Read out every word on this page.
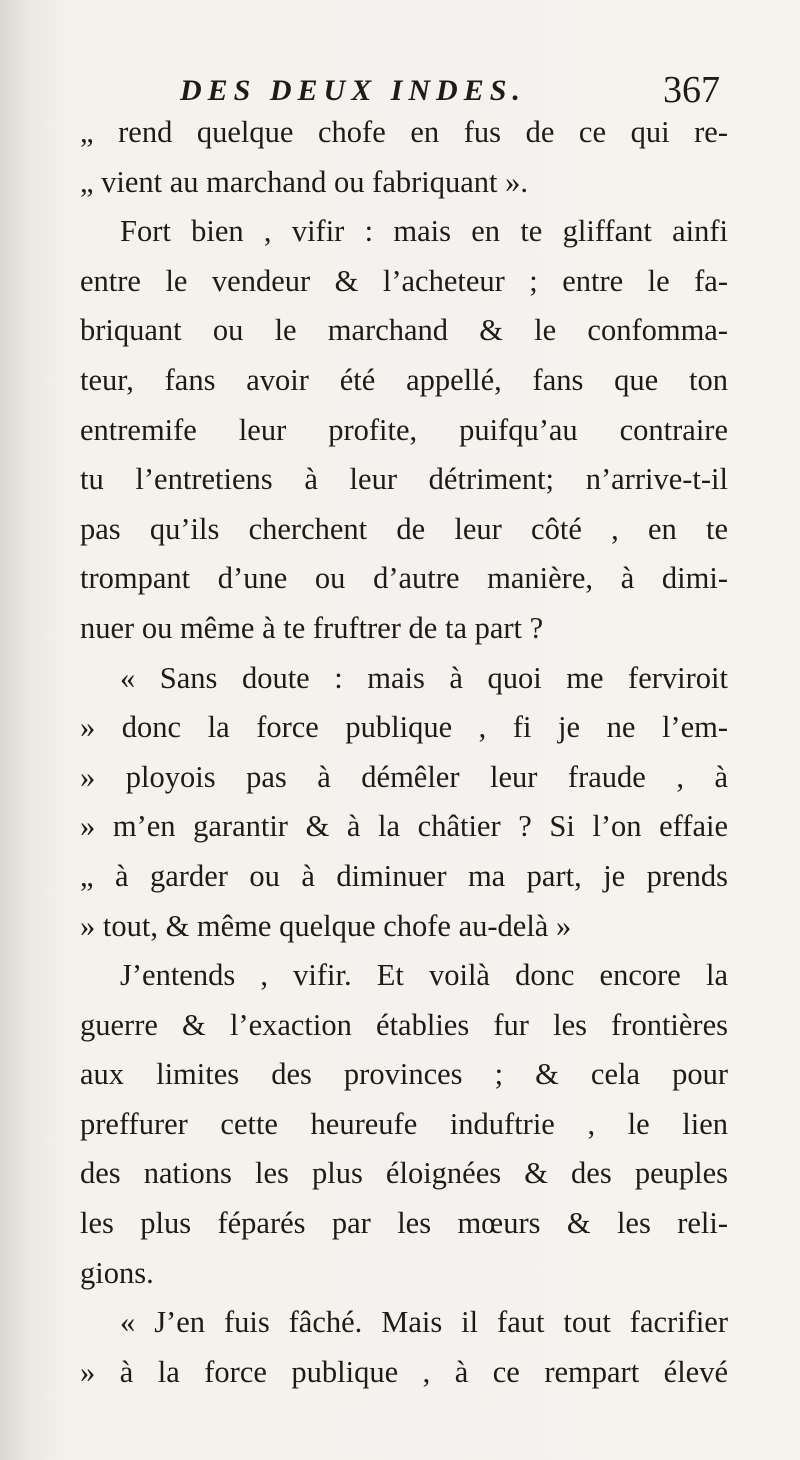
DES DEUX INDES.	367
„ rend quelque chofe en fus de ce qui re-
„ vient au marchand ou fabriquant ».
Fort bien , vifir : mais en te gliffant ainfi
entre le vendeur & l’acheteur ; entre le fa-
briquant ou le marchand & le confomma-
teur, fans avoir été appellé, fans que ton
entremife leur profite, puifqu’au contraire
tu l’entretiens à leur détriment; n’arrive-t-il
pas qu’ils cherchent de leur côté , en te
trompant d’une ou d’autre manière, à dimi-
nuer ou même à te fruftrer de ta part ?
« Sans doute : mais à quoi me ferviroit
» donc la force publique , fi je ne l’em-
» ployois pas à démêler leur fraude , à
» m’en garantir & à la châtier ? Si l’on effaie
„ à garder ou à diminuer ma part, je prends
» tout, & même quelque chofe au-delà »
J’entends , vifir. Et voilà donc encore la
guerre & l’exaction établies fur les frontières
aux limites des provinces ; & cela pour
preffurer cette heureufe induftrie , le lien
des nations les plus éloignées & des peuples
les plus féparés par les mœurs & les reli-
gions.
« J’en fuis fâché. Mais il faut tout facrifier
» à la force publique , à ce rempart élevé
